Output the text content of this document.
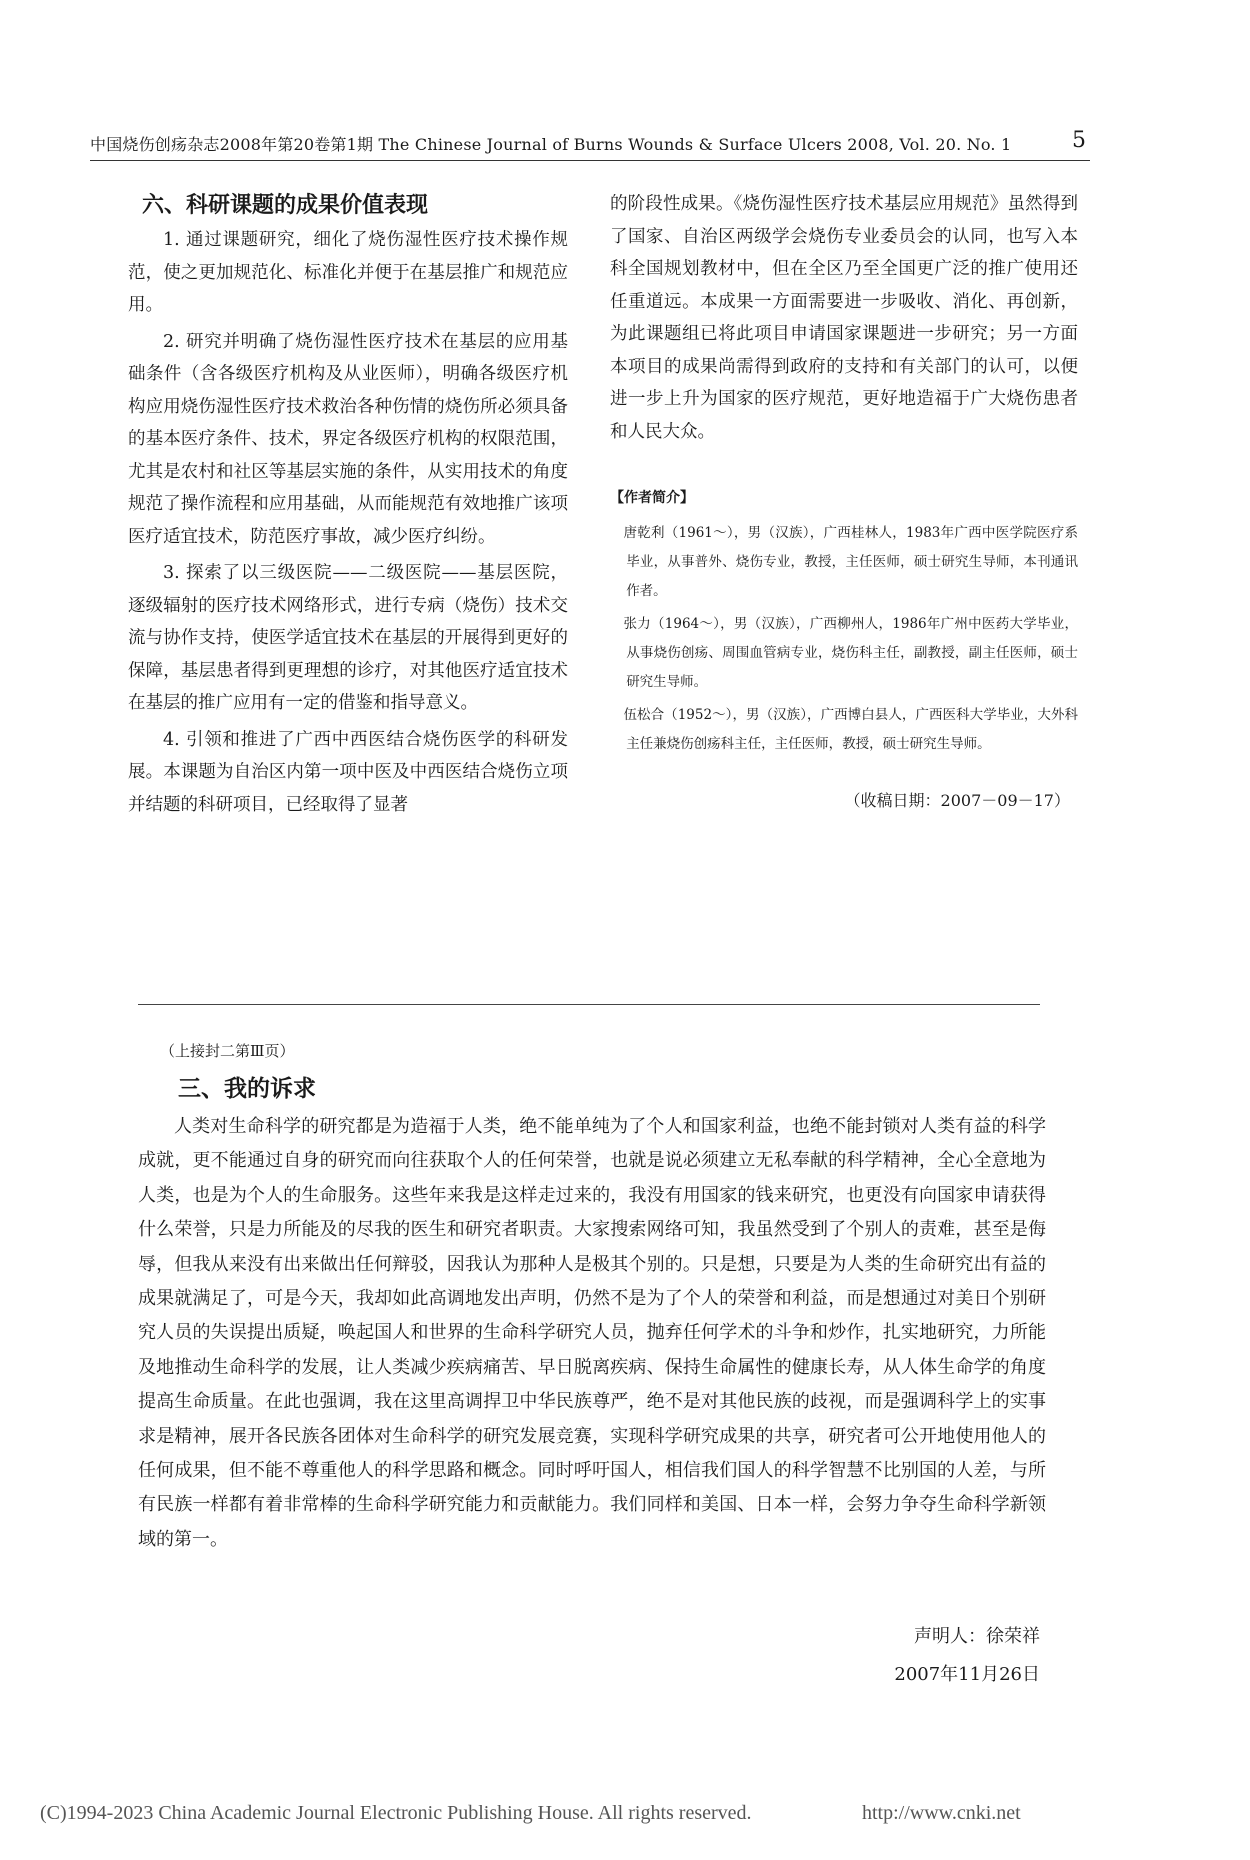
中国烧伤创疡杂志2008年第20卷第1期 The Chinese Journal of Burns Wounds & Surface Ulcers 2008, Vol. 20. No. 1	5
六、科研课题的成果价值表现

1. 通过课题研究，细化了烧伤湿性医疗技术操作规范，使之更加规范化、标准化并便于在基层推广和规范应用。

2. 研究并明确了烧伤湿性医疗技术在基层的应用基础条件（含各级医疗机构及从业医师），明确各级医疗机构应用烧伤湿性医疗技术救治各种伤情的烧伤所必须具备的基本医疗条件、技术，界定各级医疗机构的权限范围，尤其是农村和社区等基层实施的条件，从实用技术的角度规范了操作流程和应用基础，从而能规范有效地推广该项医疗适宜技术，防范医疗事故，减少医疗纠纷。

3. 探索了以三级医院——二级医院——基层医院，逐级辐射的医疗技术网络形式，进行专病（烧伤）技术交流与协作支持，使医学适宜技术在基层的开展得到更好的保障，基层患者得到更理想的诊疗，对其他医疗适宜技术在基层的推广应用有一定的借鉴和指导意义。

4. 引领和推进了广西中西医结合烧伤医学的科研发展。本课题为自治区内第一项中医及中西医结合烧伤立项并结题的科研项目，已经取得了显著

的阶段性成果。《烧伤湿性医疗技术基层应用规范》虽然得到了国家、自治区两级学会烧伤专业委员会的认同，也写入本科全国规划教材中，但在全区乃至全国更广泛的推广使用还任重道远。本成果一方面需要进一步吸收、消化、再创新，为此课题组已将此项目申请国家课题进一步研究；另一方面本项目的成果尚需得到政府的支持和有关部门的认可，以便进一步上升为国家的医疗规范，更好地造福于广大烧伤患者和人民大众。

【作者简介】

唐乾利（1961～），男（汉族），广西桂林人，1983年广西中医学院医疗系毕业，从事普外、烧伤专业，教授，主任医师，硕士研究生导师，本刊通讯作者。

张力（1964～），男（汉族），广西柳州人，1986年广州中医药大学毕业，从事烧伤创疡、周围血管病专业，烧伤科主任，副教授，副主任医师，硕士研究生导师。

伍松合（1952～），男（汉族），广西博白县人，广西医科大学毕业，大外科主任兼烧伤创疡科主任，主任医师，教授，硕士研究生导师。

（收稿日期：2007－09－17）
（上接封二第Ⅲ页）
三、我的诉求

人类对生命科学的研究都是为造福于人类，绝不能单纯为了个人和国家利益，也绝不能封锁对人类有益的科学成就，更不能通过自身的研究而向往获取个人的任何荣誉，也就是说必须建立无私奉献的科学精神，全心全意地为人类，也是为个人的生命服务。这些年来我是这样走过来的，我没有用国家的钱来研究，也更没有向国家申请获得什么荣誉，只是力所能及的尽我的医生和研究者职责。大家搜索网络可知，我虽然受到了个别人的责难，甚至是侮辱，但我从来没有出来做出任何辩驳，因我认为那种人是极其个别的。只是想，只要是为人类的生命研究出有益的成果就满足了，可是今天，我却如此高调地发出声明，仍然不是为了个人的荣誉和利益，而是想通过对美日个别研究人员的失误提出质疑，唤起国人和世界的生命科学研究人员，抛弃任何学术的斗争和炒作，扎实地研究，力所能及地推动生命科学的发展，让人类减少疾病痛苦、早日脱离疾病、保持生命属性的健康长寿，从人体生命学的角度提高生命质量。在此也强调，我在这里高调捍卫中华民族尊严，绝不是对其他民族的歧视，而是强调科学上的实事求是精神，展开各民族各团体对生命科学的研究发展竞赛，实现科学研究成果的共享，研究者可公开地使用他人的任何成果，但不能不尊重他人的科学思路和概念。同时呼吁国人，相信我们国人的科学智慧不比别国的人差，与所有民族一样都有着非常棒的生命科学研究能力和贡献能力。我们同样和美国、日本一样，会努力争夺生命科学新领域的第一。

声明人：徐荣祥
2007年11月26日
(C)1994-2023 China Academic Journal Electronic Publishing House. All rights reserved.	http://www.cnki.net
